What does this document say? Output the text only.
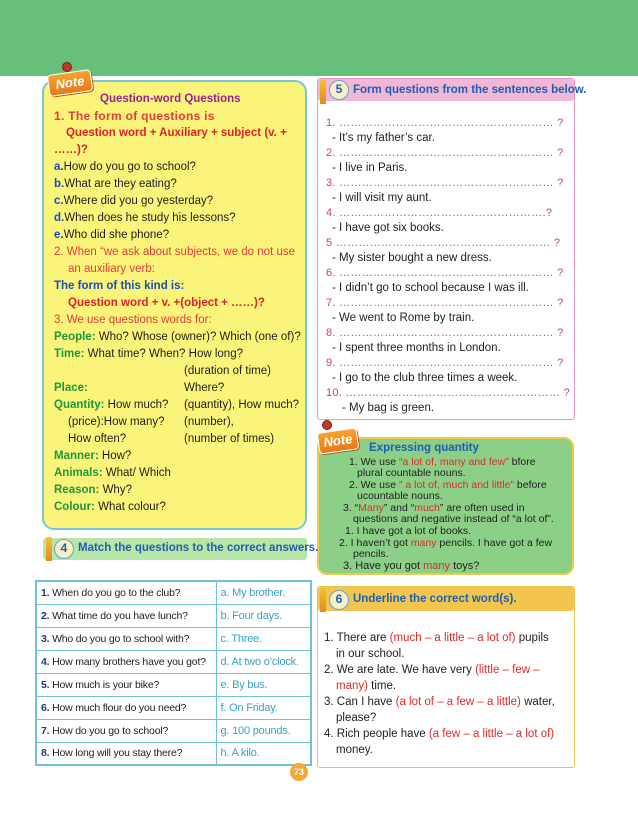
Question-word Questions
1. The form of questions is
Question word + Auxiliary + subject (v. +
……)?
a.How do you go to school?
b.What are they eating?
c.Where did you go yesterday?
d.When does he study his lessons?
e.Who did she phone?
2. When “we ask about subjects, we do not use
an auxiliary verb:
The form of this kind is:
Question word + v. +(object + ……)?
3. We use questions words for:
People: Who? Whose (owner)? Which (one of)?
Time: What time? When? How long?
(duration of time)
Place:	Where?
Quantity: How much? (quantity), How much?
(price):How many? (number),
How often?	(number of times)
Manner: How?
Animals: What/ Which
Reason: Why?
Colour: What colour?
Note
1. ………………………………………………… ?
- It’s my father’s car.
2. ………………………………………………… ?
- I live in Paris.
3. ………………………………………………… ?
- I will visit my aunt.
4. ……………………………………………….?
- I have got six books.
5 ………………………………………………… ?
- My sister bought a new dress.
6. ………………………………………………… ?
- I didn’t go to school because I was ill.
7. ………………………………………………… ?
- We went to Rome by train.
8. ………………………………………………… ?
- I spent three months in London.
9. ………………………………………………… ?
- I go to the club three times a week.
10. ………………………………………………… ?
- My bag is green.
5 Form questions from the sentences below.
Expressing quantity
1. We use “a lot of, many and few” bfore
plural countable nouns.
2. We use ” a lot of, much and little” before
ucountable nouns.
3. “Many” and “much” are often used in
questions and negative instead of “a lot of”.
1. I have got a lot of books.
2. I haven’t got many pencils. I have got a few
pencils.
3. Have you got many toys?
Note
4 Match the questions to the correct answers.
1. When do you go to the club?	a. My brother.
2. What time do you have lunch?	b. Four days.
3. Who do you go to school with?	c. Three.
4. How many brothers have you got?	d. At two o’clock.
5. How much is your bike?	e. By bus.
6. How much flour do you need?	f. On Friday.
7. How do you go to school?	g. 100 pounds.
8. How long will you stay there?	h. A kilo.
73
1. There are (much – a little – a lot of) pupils
in our school.
2. We are late. We have very (little – few –
many) time.
3. Can I have (a lot of – a few – a little) water,
please?
4. Rich people have (a few – a little – a lot of)
money.
6 Underline the correct word(s).
